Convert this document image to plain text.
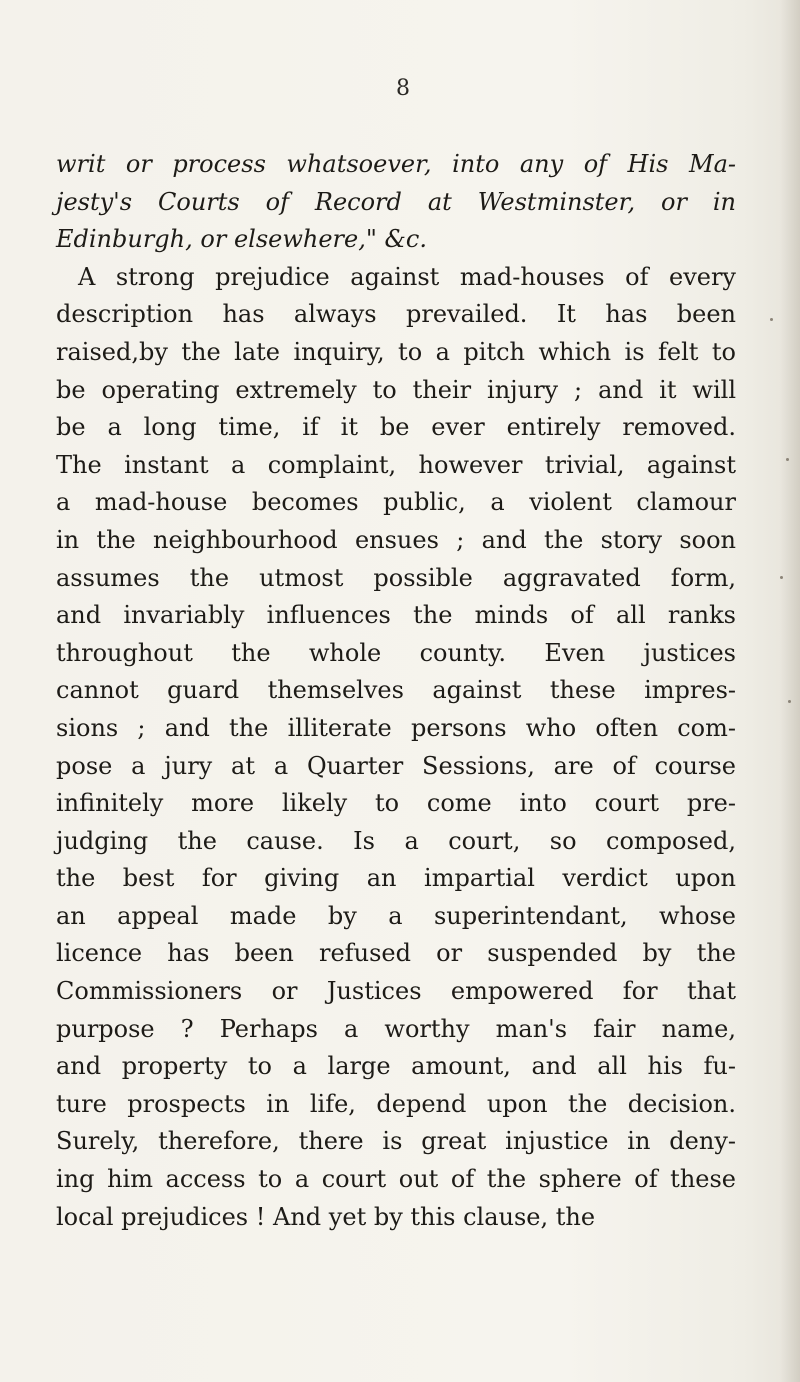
8
writ or process whatsoever, into any of His Ma-
jesty's Courts of Record at Westminster, or in
Edinburgh, or elsewhere," &c.
A strong prejudice against mad-houses of every
description has always prevailed. It has been
raised,by the late inquiry, to a pitch which is felt to
be operating extremely to their injury ; and it will
be a long time, if it be ever entirely removed.
The instant a complaint, however trivial, against
a mad-house becomes public, a violent clamour
in the neighbourhood ensues ; and the story soon
assumes the utmost possible aggravated form,
and invariably influences the minds of all ranks
throughout the whole county. Even justices
cannot guard themselves against these impres-
sions ; and the illiterate persons who often com-
pose a jury at a Quarter Sessions, are of course
infinitely more likely to come into court pre-
judging the cause. Is a court, so composed,
the best for giving an impartial verdict upon
an appeal made by a superintendant, whose
licence has been refused or suspended by the
Commissioners or Justices empowered for that
purpose ? Perhaps a worthy man's fair name,
and property to a large amount, and all his fu-
ture prospects in life, depend upon the decision.
Surely, therefore, there is great injustice in deny-
ing him access to a court out of the sphere of these
local prejudices ! And yet by this clause, the
